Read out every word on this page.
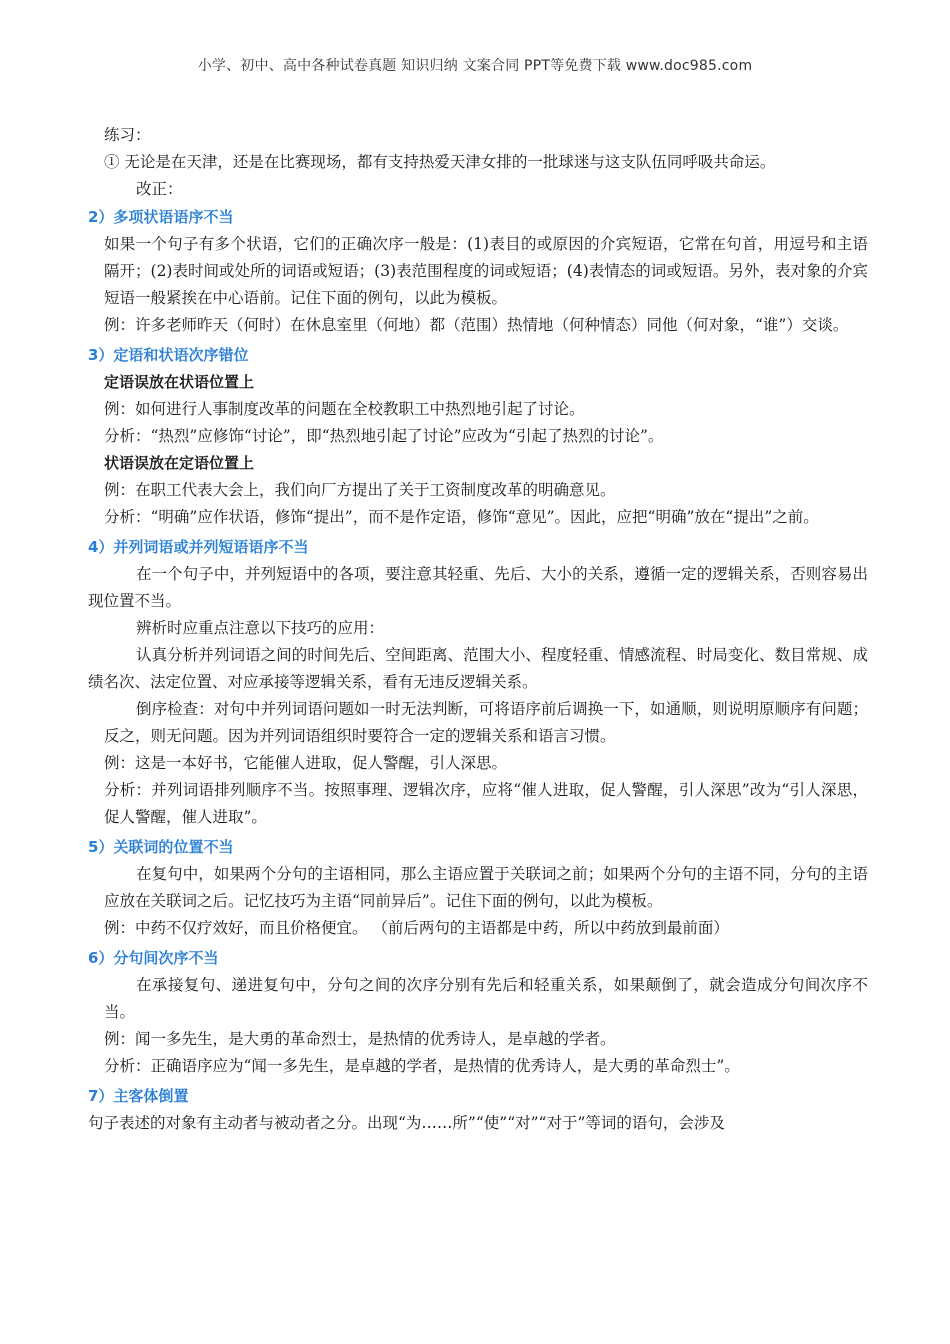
小学、初中、高中各种试卷真题 知识归纳 文案合同 PPT等免费下载 www.doc985.com
练习：
① 无论是在天津，还是在比赛现场，都有支持热爱天津女排的一批球迷与这支队伍同呼吸共命运。
改正：
2）多项状语语序不当
如果一个句子有多个状语，它们的正确次序一般是：(1)表目的或原因的介宾短语，它常在句首，用逗号和主语隔开；(2)表时间或处所的词语或短语；(3)表范围程度的词或短语；(4)表情态的词或短语。另外，表对象的介宾短语一般紧挨在中心语前。记住下面的例句，以此为模板。
例：许多老师昨天（何时）在休息室里（何地）都（范围）热情地（何种情态）同他（何对象，“谁”）交谈。
3）定语和状语次序错位
定语误放在状语位置上
例：如何进行人事制度改革的问题在全校教职工中热烈地引起了讨论。
分析：“热烈”应修饰“讨论”，即“热烈地引起了讨论”应改为“引起了热烈的讨论”。
状语误放在定语位置上
例：在职工代表大会上，我们向厂方提出了关于工资制度改革的明确意见。
分析：“明确”应作状语，修饰“提出”，而不是作定语，修饰“意见”。因此，应把“明确”放在“提出”之前。
4）并列词语或并列短语语序不当
在一个句子中，并列短语中的各项，要注意其轻重、先后、大小的关系，遵循一定的逻辑关系，否则容易出现位置不当。
辨析时应重点注意以下技巧的应用：
认真分析并列词语之间的时间先后、空间距离、范围大小、程度轻重、情感流程、时局变化、数目常规、成绩名次、法定位置、对应承接等逻辑关系，看有无违反逻辑关系。
倒序检查：对句中并列词语问题如一时无法判断，可将语序前后调换一下，如通顺，则说明原顺序有问题；反之，则无问题。因为并列词语组织时要符合一定的逻辑关系和语言习惯。
例：这是一本好书，它能催人进取，促人警醒，引人深思。
分析：并列词语排列顺序不当。按照事理、逻辑次序，应将“催人进取，促人警醒，引人深思”改为“引人深思，促人警醒，催人进取”。
5）关联词的位置不当
在复句中，如果两个分句的主语相同，那么主语应置于关联词之前；如果两个分句的主语不同，分句的主语应放在关联词之后。记忆技巧为主语“同前异后”。记住下面的例句，以此为模板。
例：中药不仅疗效好，而且价格便宜。 （前后两句的主语都是中药，所以中药放到最前面）
6）分句间次序不当
在承接复句、递进复句中，分句之间的次序分别有先后和轻重关系，如果颠倒了，就会造成分句间次序不当。
例：闻一多先生，是大勇的革命烈士，是热情的优秀诗人，是卓越的学者。
分析：正确语序应为“闻一多先生，是卓越的学者，是热情的优秀诗人，是大勇的革命烈士”。
7）主客体倒置
句子表述的对象有主动者与被动者之分。出现“为……所”“使”“对”“对于”等词的语句，会涉及
